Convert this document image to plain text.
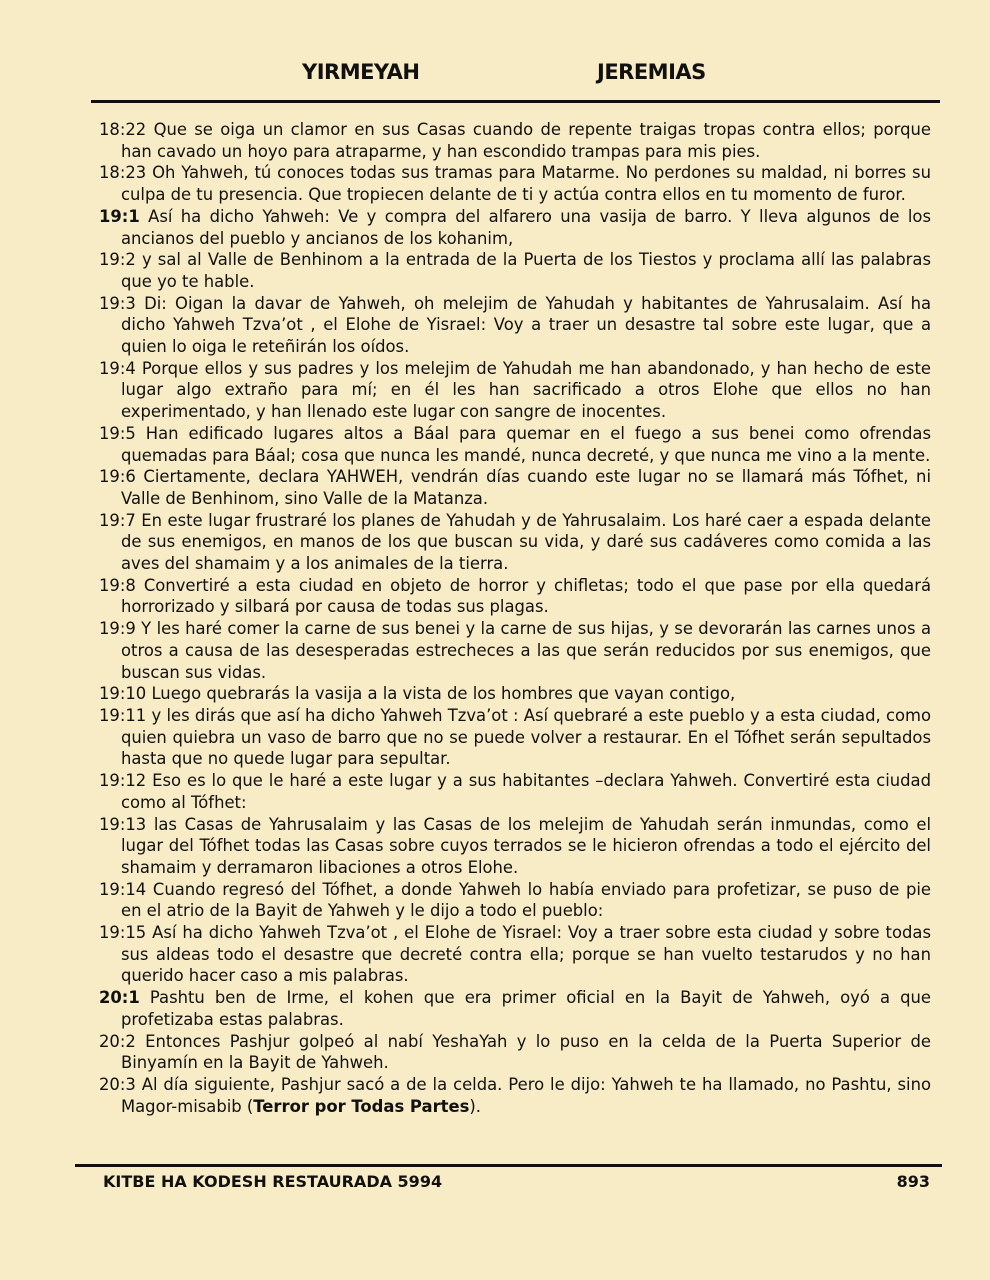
YIRMEYAH	JEREMIAS

18:22 Que se oiga un clamor en sus Casas cuando de repente traigas tropas contra ellos; porque han cavado un hoyo para atraparme, y han escondido trampas para mis pies.

18:23 Oh Yahweh, tú conoces todas sus tramas para Matarme. No perdones su maldad, ni borres su culpa de tu presencia. Que tropiecen delante de ti y actúa contra ellos en tu momento de furor.

19:1 Así ha dicho Yahweh: Ve y compra del alfarero una vasija de barro. Y lleva algunos de los ancianos del pueblo y ancianos de los kohanim,

19:2 y sal al Valle de Benhinom a la entrada de la Puerta de los Tiestos y proclama allí las palabras que yo te hable.

19:3 Di: Oigan la davar de Yahweh, oh melejim de Yahudah y habitantes de Yahrusalaim. Así ha dicho Yahweh Tzva’ot , el Elohe de Yisrael: Voy a traer un desastre tal sobre este lugar, que a quien lo oiga le reteñirán los oídos.

19:4 Porque ellos y sus padres y los melejim de Yahudah me han abandonado, y han hecho de este lugar algo extraño para mí; en él les han sacrificado a otros Elohe que ellos no han experimentado, y han llenado este lugar con sangre de inocentes.

19:5 Han edificado lugares altos a Báal para quemar en el fuego a sus benei como ofrendas quemadas para Báal; cosa que nunca les mandé, nunca decreté, y que nunca me vino a la mente.

19:6 Ciertamente, declara YAHWEH, vendrán días cuando este lugar no se llamará más Tófhet, ni Valle de Benhinom, sino Valle de la Matanza.

19:7 En este lugar frustraré los planes de Yahudah y de Yahrusalaim. Los haré caer a espada delante de sus enemigos, en manos de los que buscan su vida, y daré sus cadáveres como comida a las aves del shamaim y a los animales de la tierra.

19:8 Convertiré a esta ciudad en objeto de horror y chifletas; todo el que pase por ella quedará horrorizado y silbará por causa de todas sus plagas.

19:9 Y les haré comer la carne de sus benei y la carne de sus hijas, y se devorarán las carnes unos a otros a causa de las desesperadas estrecheces a las que serán reducidos por sus enemigos, que buscan sus vidas.

19:10 Luego quebrarás la vasija a la vista de los hombres que vayan contigo,

19:11 y les dirás que así ha dicho Yahweh Tzva’ot : Así quebraré a este pueblo y a esta ciudad, como quien quiebra un vaso de barro que no se puede volver a restaurar. En el Tófhet serán sepultados hasta que no quede lugar para sepultar.

19:12 Eso es lo que le haré a este lugar y a sus habitantes –declara Yahweh. Convertiré esta ciudad como al Tófhet:

19:13 las Casas de Yahrusalaim y las Casas de los melejim de Yahudah serán inmundas, como el lugar del Tófhet todas las Casas sobre cuyos terrados se le hicieron ofrendas a todo el ejército del shamaim y derramaron libaciones a otros Elohe.

19:14 Cuando regresó del Tófhet, a donde Yahweh lo había enviado para profetizar, se puso de pie en el atrio de la Bayit de Yahweh y le dijo a todo el pueblo:

19:15 Así ha dicho Yahweh Tzva’ot , el Elohe de Yisrael: Voy a traer sobre esta ciudad y sobre todas sus aldeas todo el desastre que decreté contra ella; porque se han vuelto testarudos y no han querido hacer caso a mis palabras.

20:1 Pashtu ben de Irme, el kohen que era primer oficial en la Bayit de Yahweh, oyó a que profetizaba estas palabras.

20:2 Entonces Pashjur golpeó al nabí YeshaYah y lo puso en la celda de la Puerta Superior de Binyamín en la Bayit de Yahweh.

20:3 Al día siguiente, Pashjur sacó a de la celda. Pero le dijo: Yahweh te ha llamado, no Pashtu, sino Magor-misabib (Terror por Todas Partes).

KITBE HA KODESH RESTAURADA 5994	893
